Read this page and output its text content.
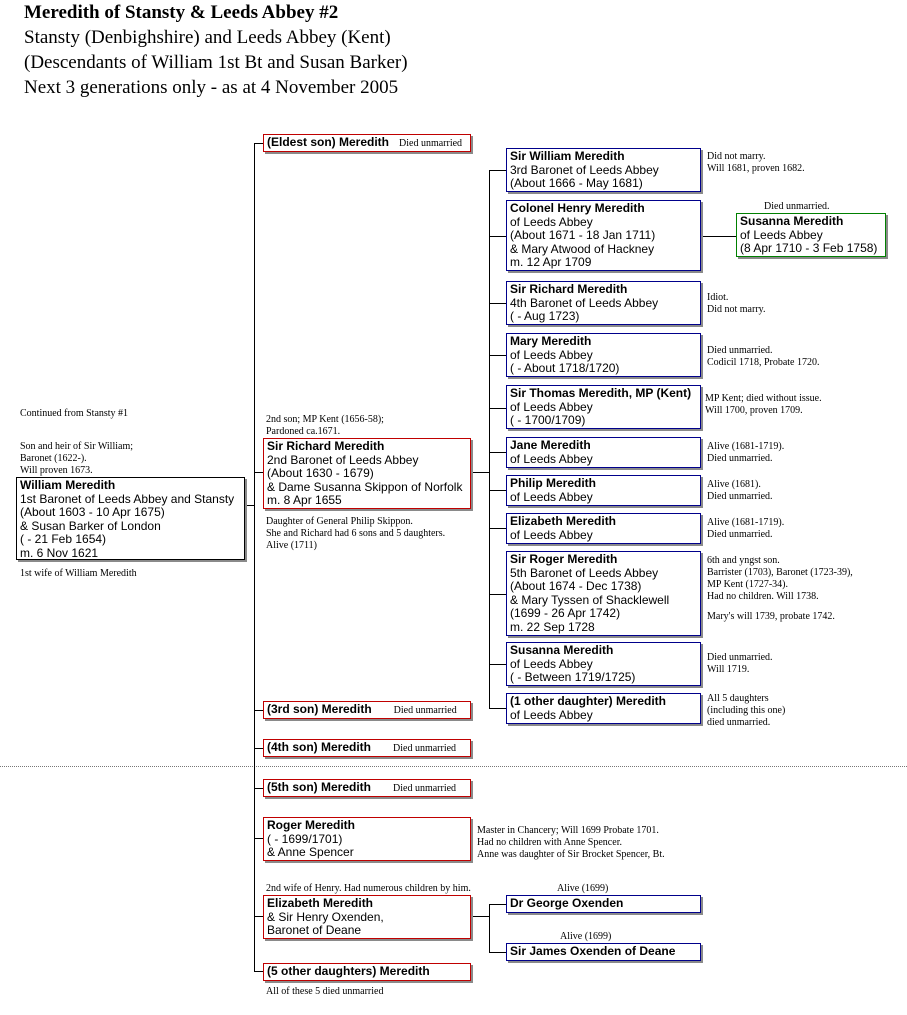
Meredith of Stansty & Leeds Abbey #2
Stansty (Denbighshire) and Leeds Abbey (Kent)
(Descendants of William 1st Bt and Susan Barker)
Next 3 generations only - as at 4 November 2005
Continued from Stansty #1
Son and heir of Sir William;
Baronet (1622-).
Will proven 1673.
William Meredith
1st Baronet of Leeds Abbey and Stansty
(About 1603 - 10 Apr 1675)
& Susan Barker of London
( - 21 Feb 1654)
m. 6 Nov 1621
1st wife of William Meredith
(Eldest son) Meredith Died unmarried
2nd son; MP Kent (1656-58);
Pardoned ca.1671.
Sir Richard Meredith
2nd Baronet of Leeds Abbey
(About 1630 - 1679)
& Dame Susanna Skippon of Norfolk
m. 8 Apr 1655
Daughter of General Philip Skippon.
She and Richard had 6 sons and 5 daughters.
Alive (1711)
(3rd son) Meredith Died unmarried
(4th son) Meredith Died unmarried
(5th son) Meredith Died unmarried
Roger Meredith
( - 1699/1701)
& Anne Spencer
Master in Chancery; Will 1699 Probate 1701.
Had no children with Anne Spencer.
Anne was daughter of Sir Brocket Spencer, Bt.
2nd wife of Henry. Had numerous children by him.
Elizabeth Meredith
& Sir Henry Oxenden,
Baronet of Deane
(5 other daughters) Meredith
All of these 5 died unmarried
Sir William Meredith
3rd Baronet of Leeds Abbey
(About 1666 - May 1681)
Did not marry.
Will 1681, proven 1682.
Colonel Henry Meredith
of Leeds Abbey
(About 1671 - 18 Jan 1711)
& Mary Atwood of Hackney
m. 12 Apr 1709
Died unmarried.
Susanna Meredith
of Leeds Abbey
(8 Apr 1710 - 3 Feb 1758)
Sir Richard Meredith
4th Baronet of Leeds Abbey
( - Aug 1723)
Idiot.
Did not marry.
Mary Meredith
of Leeds Abbey
( - About 1718/1720)
Died unmarried.
Codicil 1718, Probate 1720.
Sir Thomas Meredith, MP (Kent)
of Leeds Abbey
( - 1700/1709)
MP Kent; died without issue.
Will 1700, proven 1709.
Jane Meredith
of Leeds Abbey
Alive (1681-1719).
Died unmarried.
Philip Meredith
of Leeds Abbey
Alive (1681).
Died unmarried.
Elizabeth Meredith
of Leeds Abbey
Alive (1681-1719).
Died unmarried.
Sir Roger Meredith
5th Baronet of Leeds Abbey
(About 1674 - Dec 1738)
& Mary Tyssen of Shacklewell
(1699 - 26 Apr 1742)
m. 22 Sep 1728
6th and yngst son.
Barrister (1703), Baronet (1723-39),
MP Kent (1727-34).
Had no children. Will 1738.
Mary's will 1739, probate 1742.
Susanna Meredith
of Leeds Abbey
( - Between 1719/1725)
Died unmarried.
Will 1719.
(1 other daughter) Meredith
of Leeds Abbey
All 5 daughters
(including this one)
died unmarried.
Alive (1699)
Dr George Oxenden
Alive (1699)
Sir James Oxenden of Deane
